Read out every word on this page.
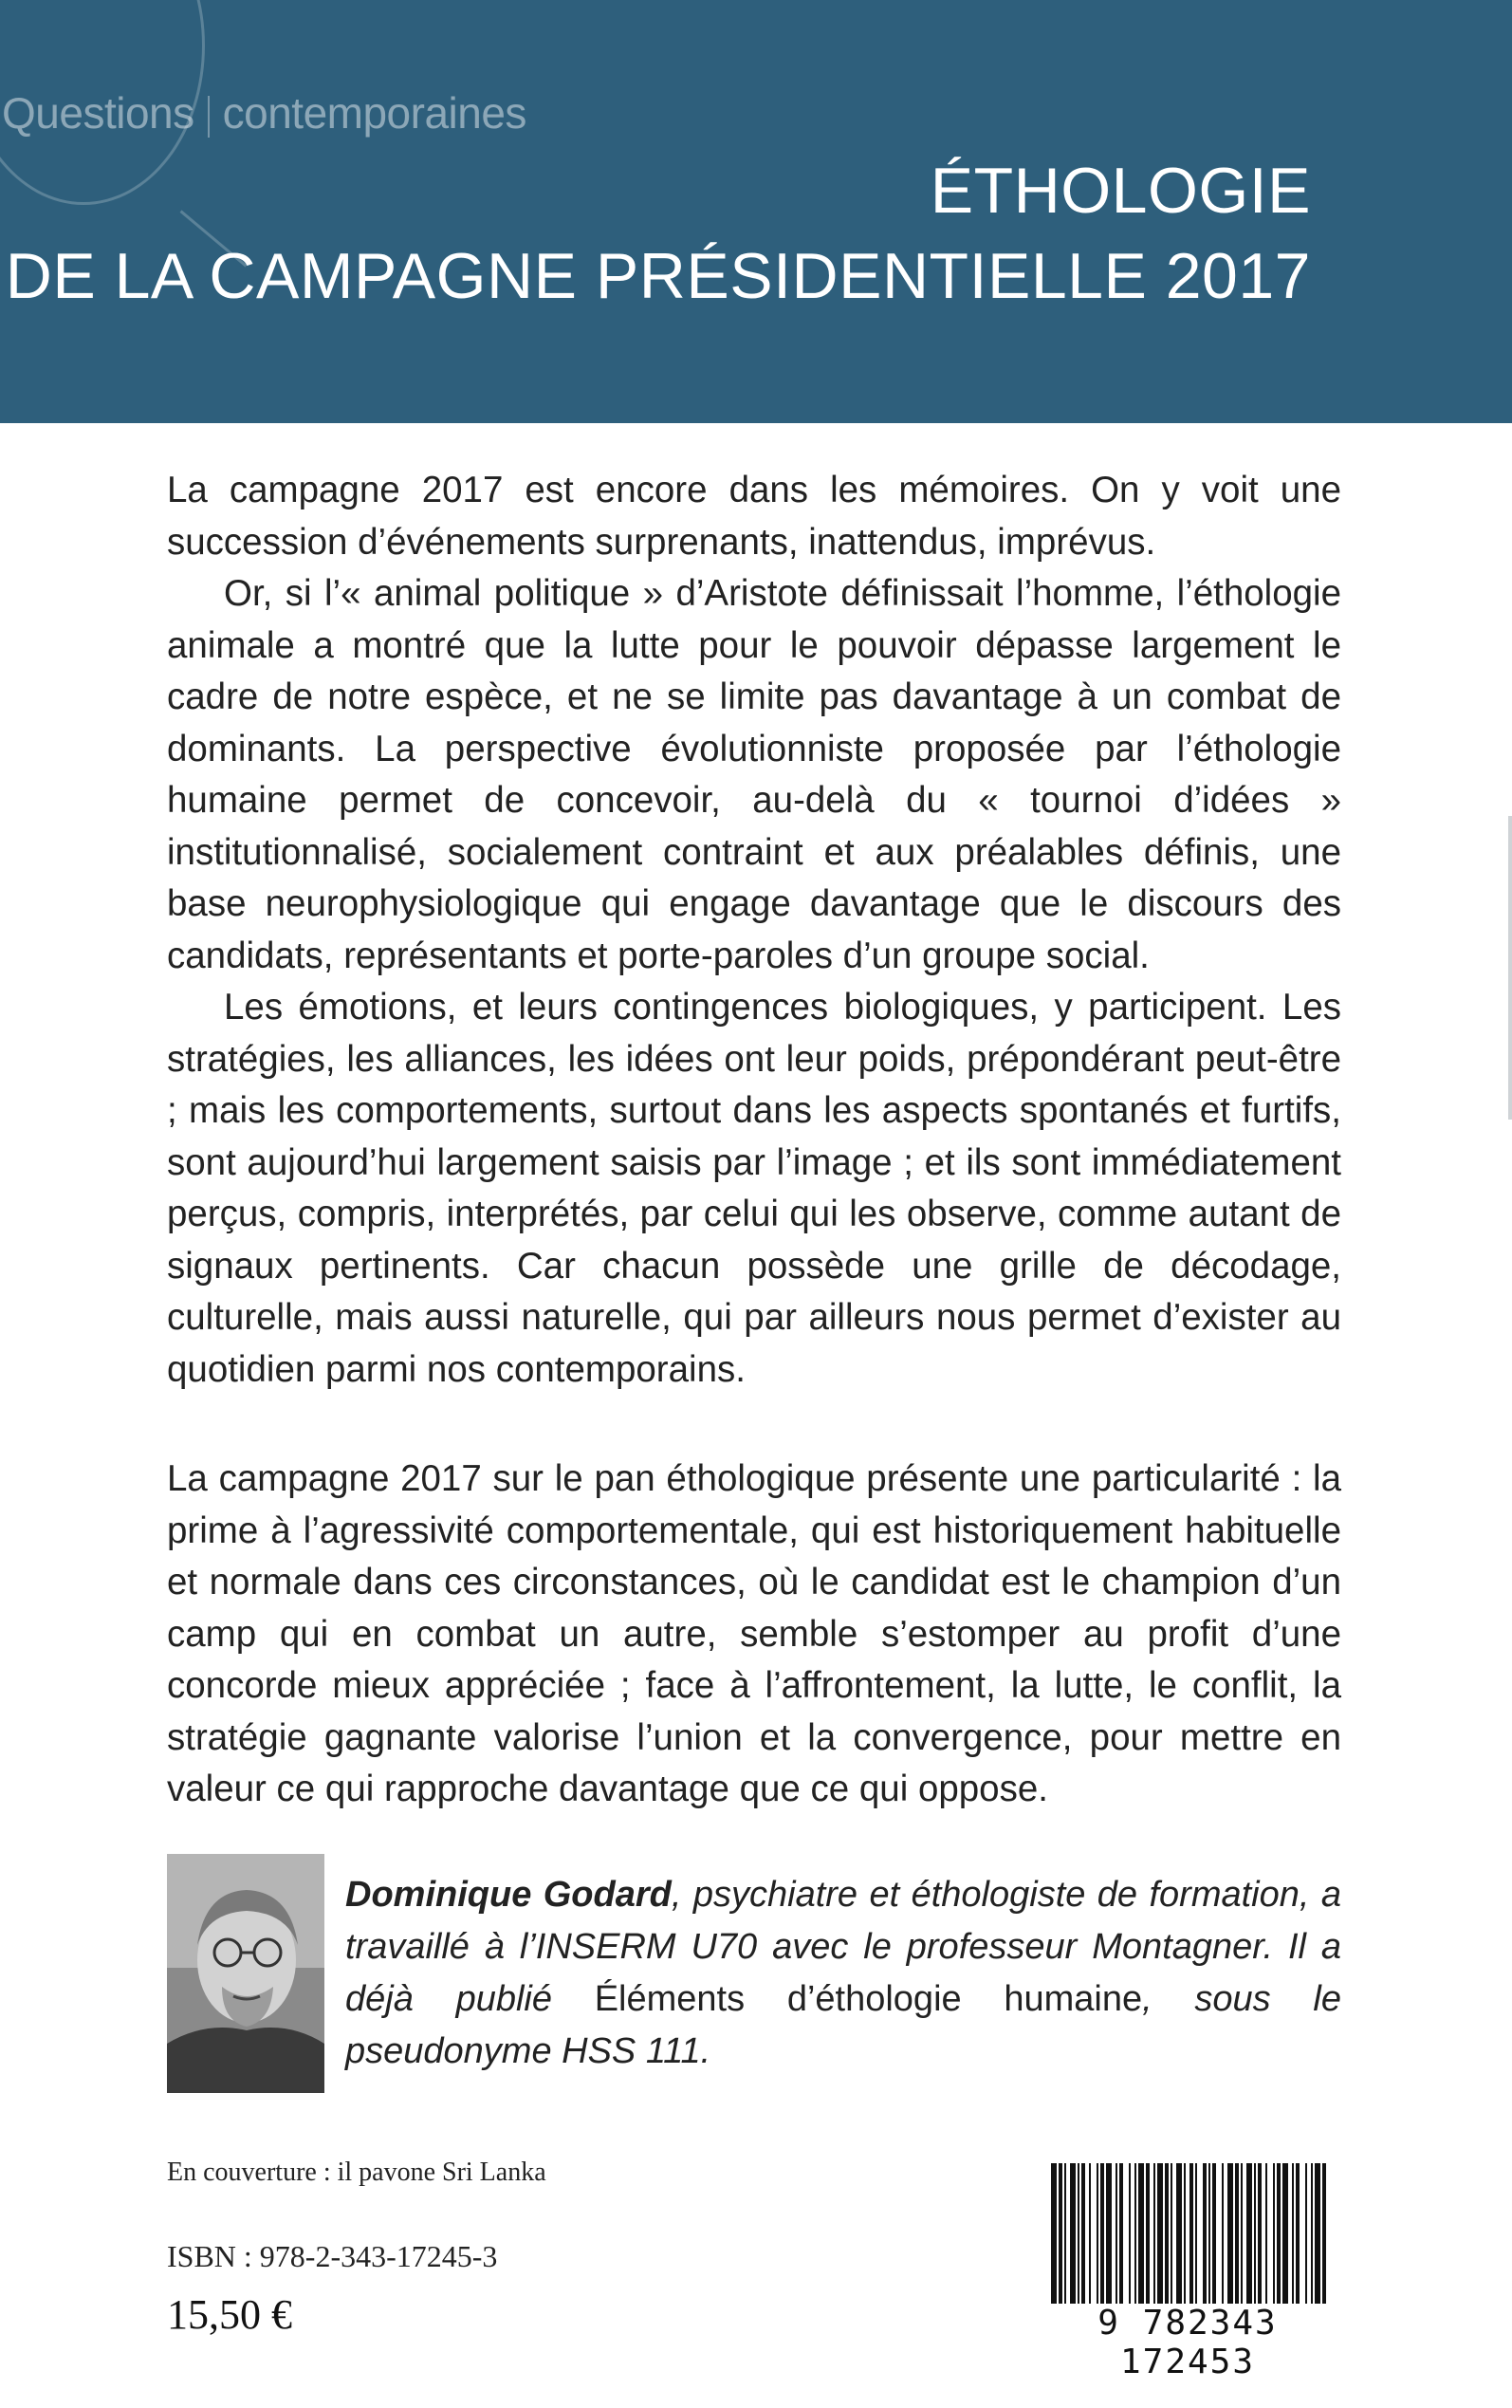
Questions contemporaines
ÉTHOLOGIE
DE LA CAMPAGNE PRÉSIDENTIELLE 2017

La campagne 2017 est encore dans les mémoires. On y voit une succession d’événements surprenants, inattendus, imprévus.

Or, si l’« animal politique » d’Aristote définissait l’homme, l’éthologie animale a montré que la lutte pour le pouvoir dépasse largement le cadre de notre espèce, et ne se limite pas davantage à un combat de dominants. La perspective évolutionniste proposée par l’éthologie humaine permet de concevoir, au-delà du « tournoi d’idées » institutionnalisé, socialement contraint et aux préalables définis, une base neurophysiologique qui engage davantage que le discours des candidats, représentants et porte-paroles d’un groupe social.

Les émotions, et leurs contingences biologiques, y participent. Les stratégies, les alliances, les idées ont leur poids, prépondérant peut-être ; mais les comportements, surtout dans les aspects spontanés et furtifs, sont aujourd’hui largement saisis par l’image ; et ils sont immédiatement perçus, compris, interprétés, par celui qui les observe, comme autant de signaux pertinents. Car chacun possède une grille de décodage, culturelle, mais aussi naturelle, qui par ailleurs nous permet d’exister au quotidien parmi nos contemporains.

La campagne 2017 sur le pan éthologique présente une particularité : la prime à l’agressivité comportementale, qui est historiquement habituelle et normale dans ces circonstances, où le candidat est le champion d’un camp qui en combat un autre, semble s’estomper au profit d’une concorde mieux appréciée ; face à l’affrontement, la lutte, le conflit, la stratégie gagnante valorise l’union et la convergence, pour mettre en valeur ce qui rapproche davantage que ce qui oppose.

Dominique Godard, psychiatre et éthologiste de formation, a travaillé à l’INSERM U70 avec le professeur Montagner. Il a déjà publié Éléments d’éthologie humaine, sous le pseudonyme HSS 111.
En couverture : il pavone Sri Lanka
ISBN : 978-2-343-17245-3
15,50 €	9 782343 172453
